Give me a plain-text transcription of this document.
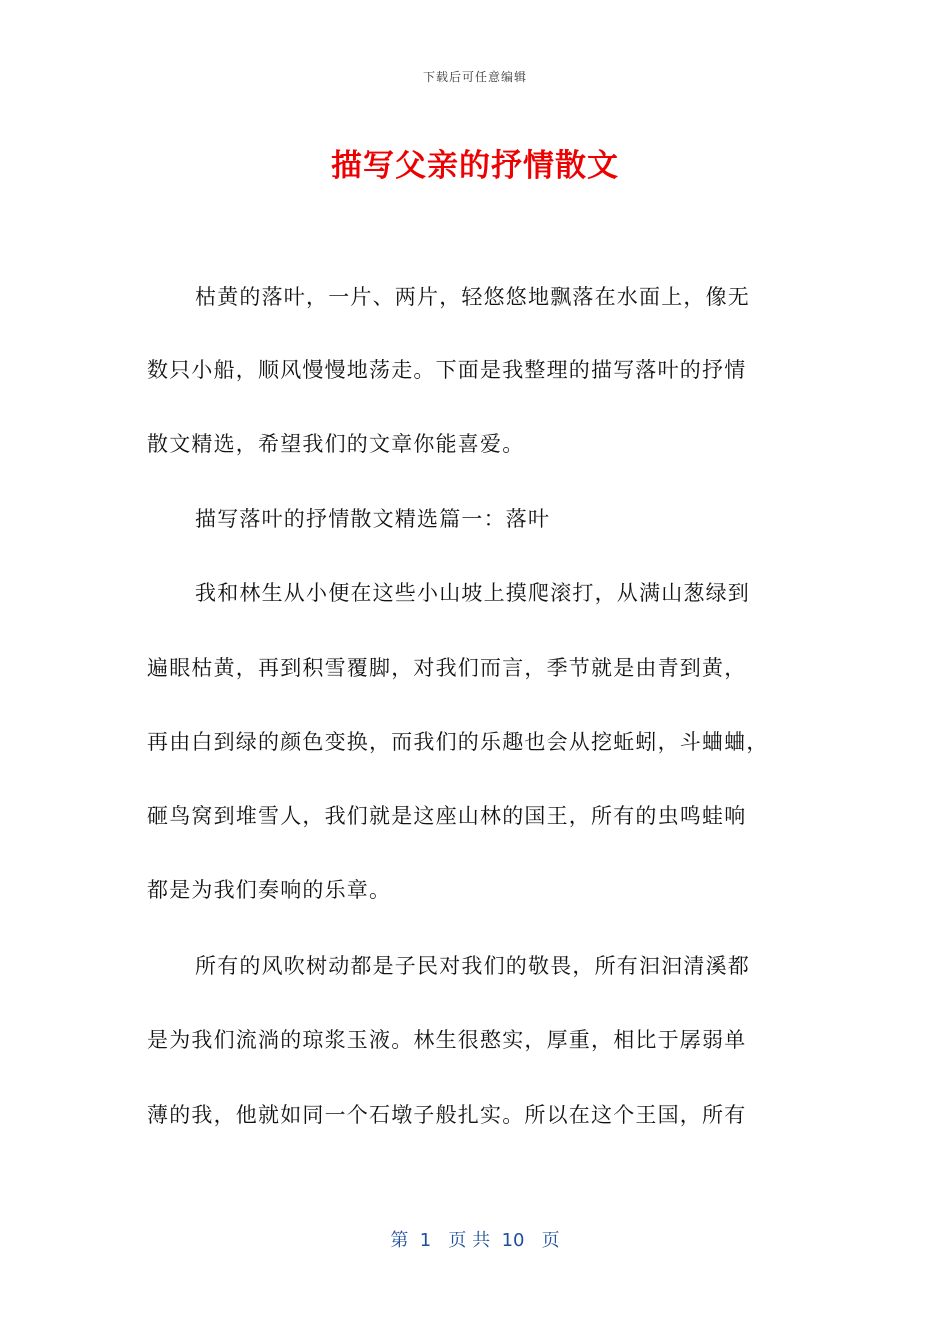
下载后可任意编辑
描写父亲的抒情散文
枯黄的落叶，一片、两片，轻悠悠地飘落在水面上，像无
数只小船，顺风慢慢地荡走。下面是我整理的描写落叶的抒情
散文精选，希望我们的文章你能喜爱。
描写落叶的抒情散文精选篇一：落叶
我和林生从小便在这些小山坡上摸爬滚打，从满山葱绿到
遍眼枯黄，再到积雪覆脚，对我们而言，季节就是由青到黄，
再由白到绿的颜色变换，而我们的乐趣也会从挖蚯蚓，斗蛐蛐，
砸鸟窝到堆雪人，我们就是这座山林的国王，所有的虫鸣蛙响
都是为我们奏响的乐章。
所有的风吹树动都是子民对我们的敬畏，所有汩汩清溪都
是为我们流淌的琼浆玉液。林生很憨实，厚重，相比于孱弱单
薄的我，他就如同一个石墩子般扎实。所以在这个王国，所有
第  1   页 共  10   页
